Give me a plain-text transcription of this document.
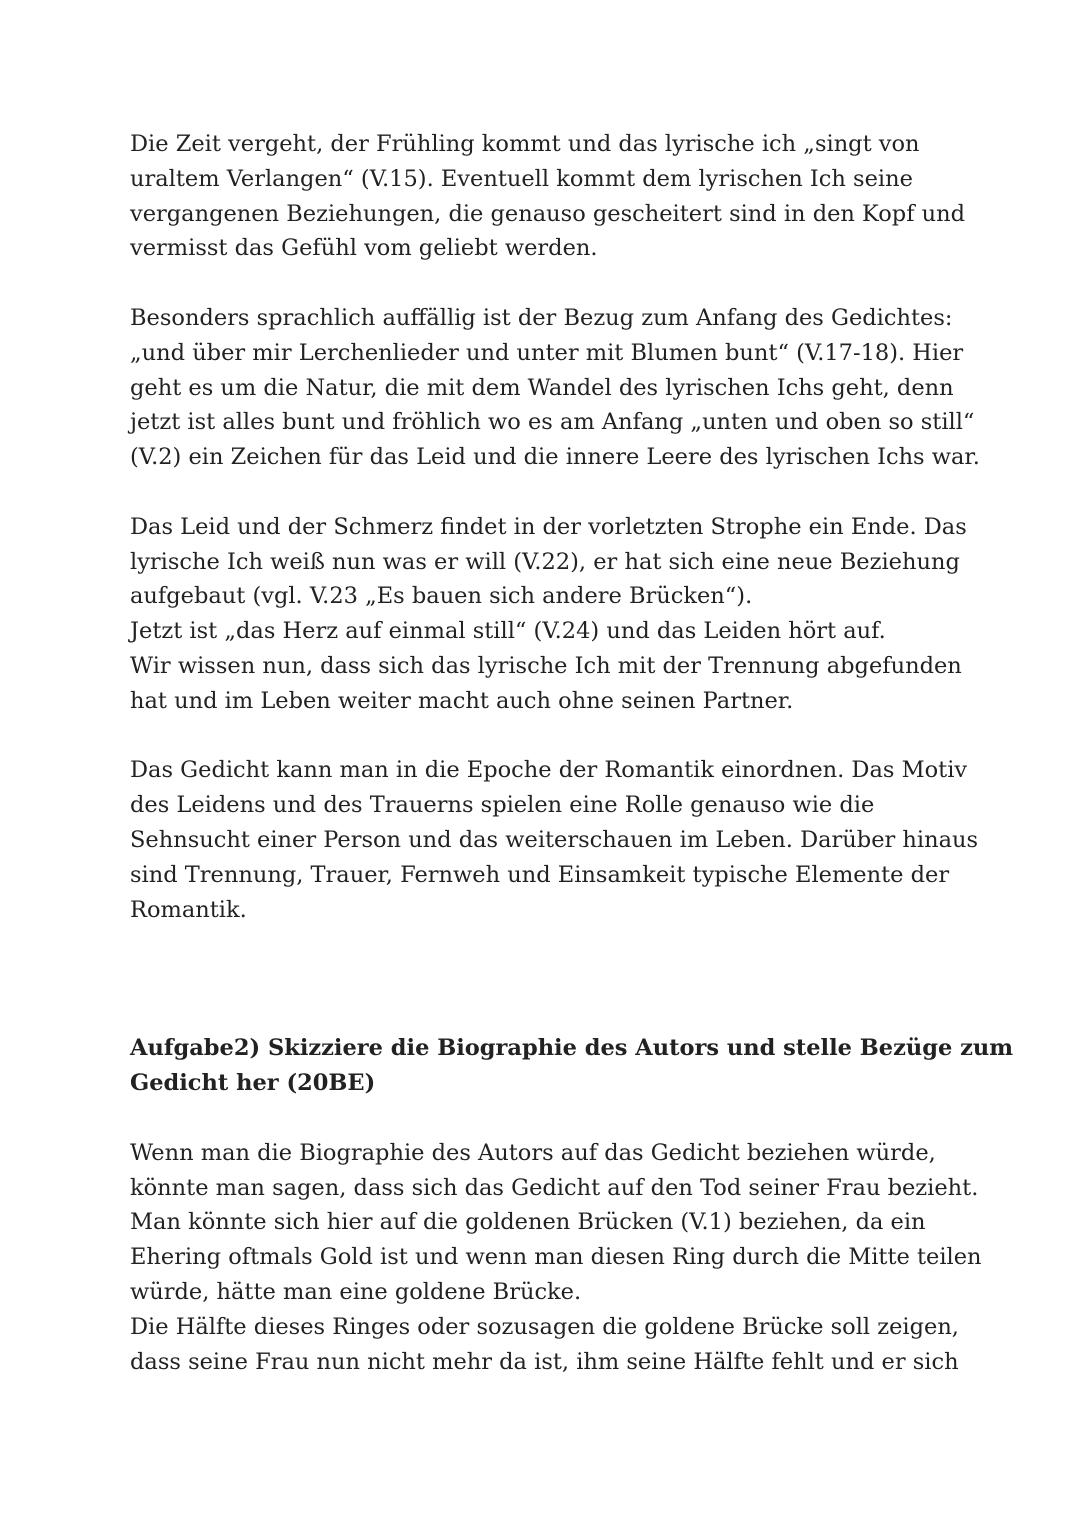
Die Zeit vergeht, der Frühling kommt und das lyrische ich „singt von
uraltem Verlangen“ (V.15). Eventuell kommt dem lyrischen Ich seine
vergangenen Beziehungen, die genauso gescheitert sind in den Kopf und
vermisst das Gefühl vom geliebt werden.
Besonders sprachlich auffällig ist der Bezug zum Anfang des Gedichtes:
„und über mir Lerchenlieder und unter mit Blumen bunt“ (V.17-18). Hier
geht es um die Natur, die mit dem Wandel des lyrischen Ichs geht, denn
jetzt ist alles bunt und fröhlich wo es am Anfang „unten und oben so still“
(V.2) ein Zeichen für das Leid und die innere Leere des lyrischen Ichs war.
Das Leid und der Schmerz findet in der vorletzten Strophe ein Ende. Das
lyrische Ich weiß nun was er will (V.22), er hat sich eine neue Beziehung
aufgebaut (vgl. V.23 „Es bauen sich andere Brücken“).
Jetzt ist „das Herz auf einmal still“ (V.24) und das Leiden hört auf.
Wir wissen nun, dass sich das lyrische Ich mit der Trennung abgefunden
hat und im Leben weiter macht auch ohne seinen Partner.
Das Gedicht kann man in die Epoche der Romantik einordnen. Das Motiv
des Leidens und des Trauerns spielen eine Rolle genauso wie die
Sehnsucht einer Person und das weiterschauen im Leben. Darüber hinaus
sind Trennung, Trauer, Fernweh und Einsamkeit typische Elemente der
Romantik.
Aufgabe2) Skizziere die Biographie des Autors und stelle Bezüge zum
Gedicht her (20BE)
Wenn man die Biographie des Autors auf das Gedicht beziehen würde,
könnte man sagen, dass sich das Gedicht auf den Tod seiner Frau bezieht.
Man könnte sich hier auf die goldenen Brücken (V.1) beziehen, da ein
Ehering oftmals Gold ist und wenn man diesen Ring durch die Mitte teilen
würde, hätte man eine goldene Brücke.
Die Hälfte dieses Ringes oder sozusagen die goldene Brücke soll zeigen,
dass seine Frau nun nicht mehr da ist, ihm seine Hälfte fehlt und er sich
